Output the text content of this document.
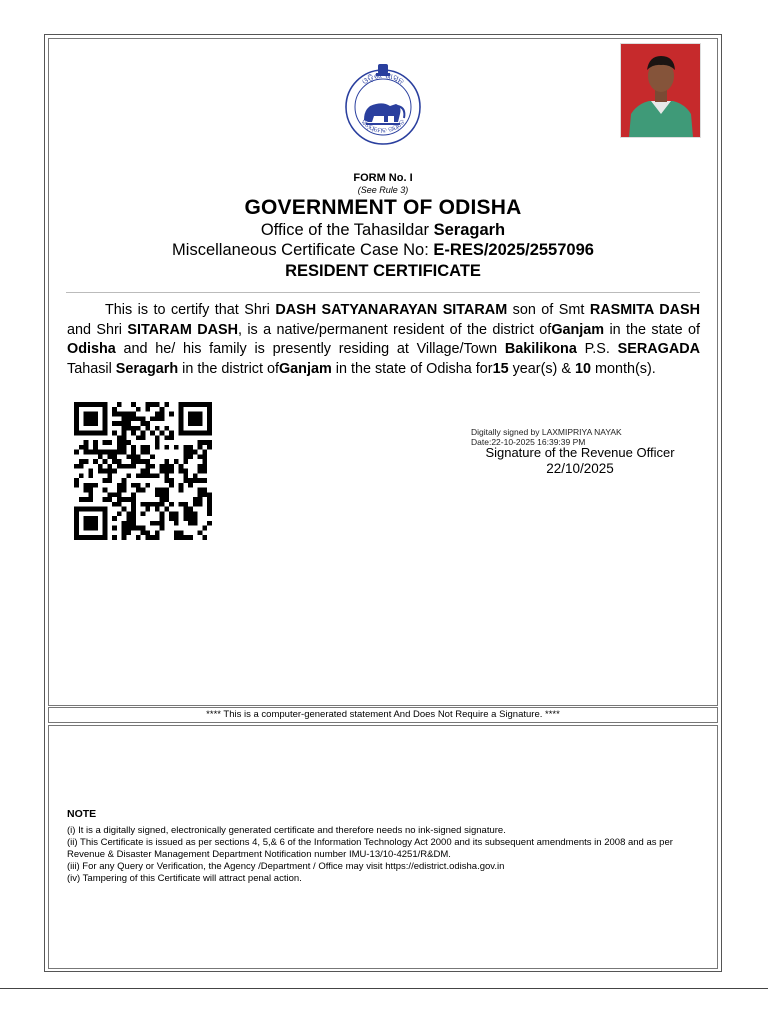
ଓଡ଼ିଶା ଶାସନ
ସତ୍ୟମେବ ଜୟତେ
FORM No. I
(See Rule 3)
GOVERNMENT OF ODISHA
Office of the Tahasildar Seragarh
Miscellaneous Certificate Case No: E-RES/2025/2557096
RESIDENT CERTIFICATE
This is to certify that Shri DASH SATYANARAYAN SITARAM son of Smt RASMITA DASH and Shri SITARAM DASH, is a native/permanent resident of the district ofGanjam in the state of Odisha and he/ his family is presently residing at Village/Town Bakilikona P.S. SERAGADA Tahasil Seragarh in the district ofGanjam in the state of Odisha for15 year(s) & 10 month(s).
Digitally signed by LAXMIPRIYA NAYAK
Date:22-10-2025 16:39:39 PM
Signature of the Revenue Officer
22/10/2025
**** This is a computer-generated statement And Does Not Require a Signature. ****
NOTE
(i) It is a digitally signed, electronically generated certificate and therefore needs no ink-signed signature.
(ii) This Certificate is issued as per sections 4, 5,& 6 of the Information Technology Act 2000 and its subsequent amendments in 2008 and as per Revenue & Disaster Management Department Notification number IMU-13/10-4251/R&DM.
(iii) For any Query or Verification, the Agency /Department / Office may visit https://edistrict.odisha.gov.in
(iv) Tampering of this Certificate will attract penal action.
